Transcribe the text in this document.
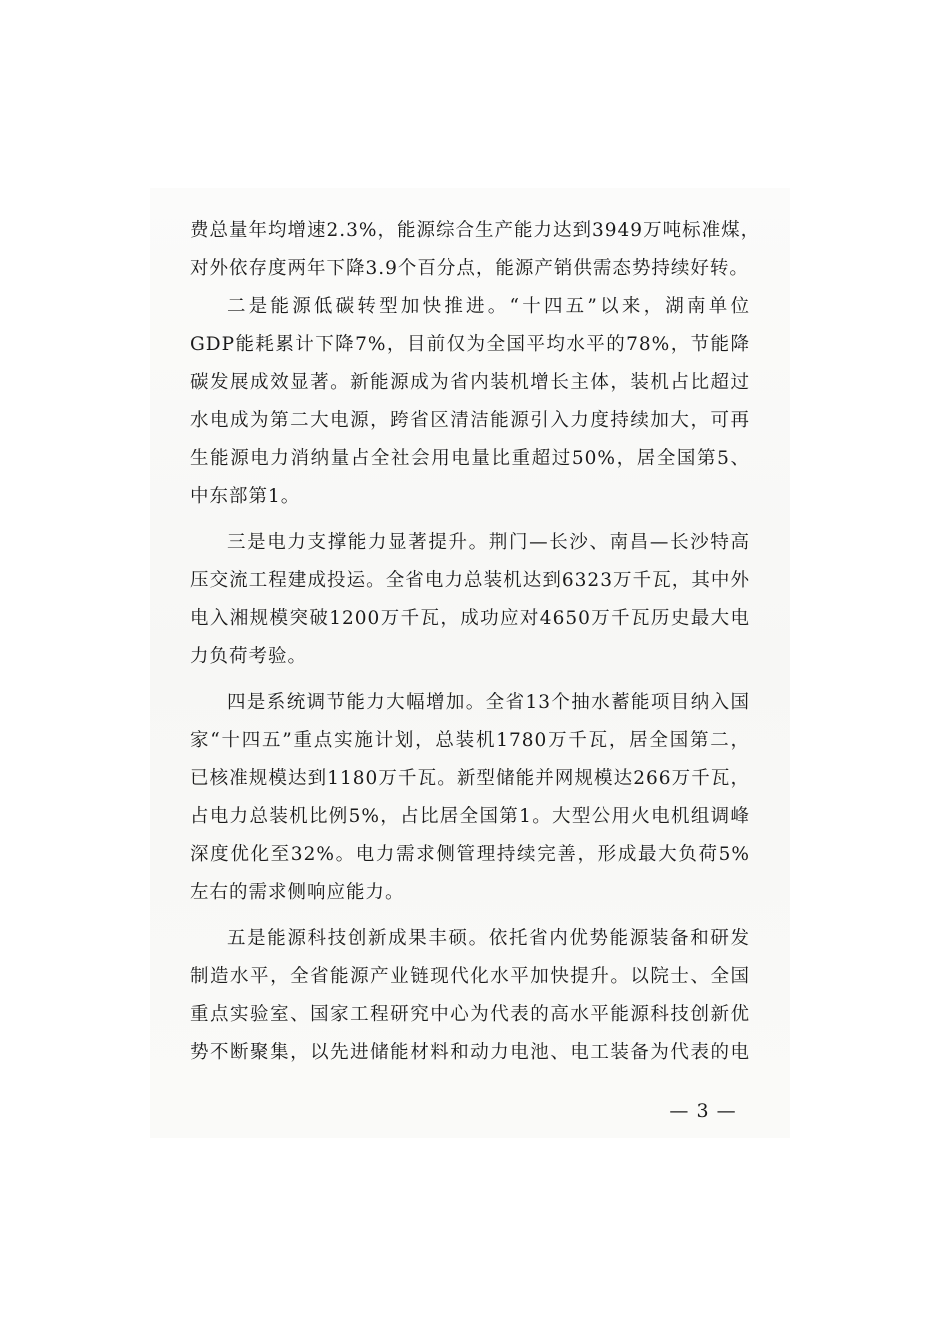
费总量年均增速2.3%，能源综合生产能力达到3949万吨标准煤，
对外依存度两年下降3.9个百分点，能源产销供需态势持续好转。
二是能源低碳转型加快推进。“十四五”以来，湖南单位
GDP能耗累计下降7%，目前仅为全国平均水平的78%，节能降
碳发展成效显著。新能源成为省内装机增长主体，装机占比超过
水电成为第二大电源，跨省区清洁能源引入力度持续加大，可再
生能源电力消纳量占全社会用电量比重超过50%，居全国第5、
中东部第1。
三是电力支撑能力显著提升。荆门—长沙、南昌—长沙特高
压交流工程建成投运。全省电力总装机达到6323万千瓦，其中外
电入湘规模突破1200万千瓦，成功应对4650万千瓦历史最大电
力负荷考验。
四是系统调节能力大幅增加。全省13个抽水蓄能项目纳入国
家“十四五”重点实施计划，总装机1780万千瓦，居全国第二，
已核准规模达到1180万千瓦。新型储能并网规模达266万千瓦，
占电力总装机比例5%，占比居全国第1。大型公用火电机组调峰
深度优化至32%。电力需求侧管理持续完善，形成最大负荷5%
左右的需求侧响应能力。
五是能源科技创新成果丰硕。依托省内优势能源装备和研发
制造水平，全省能源产业链现代化水平加快提升。以院士、全国
重点实验室、国家工程研究中心为代表的高水平能源科技创新优
势不断聚集，以先进储能材料和动力电池、电工装备为代表的电
— 3 —
